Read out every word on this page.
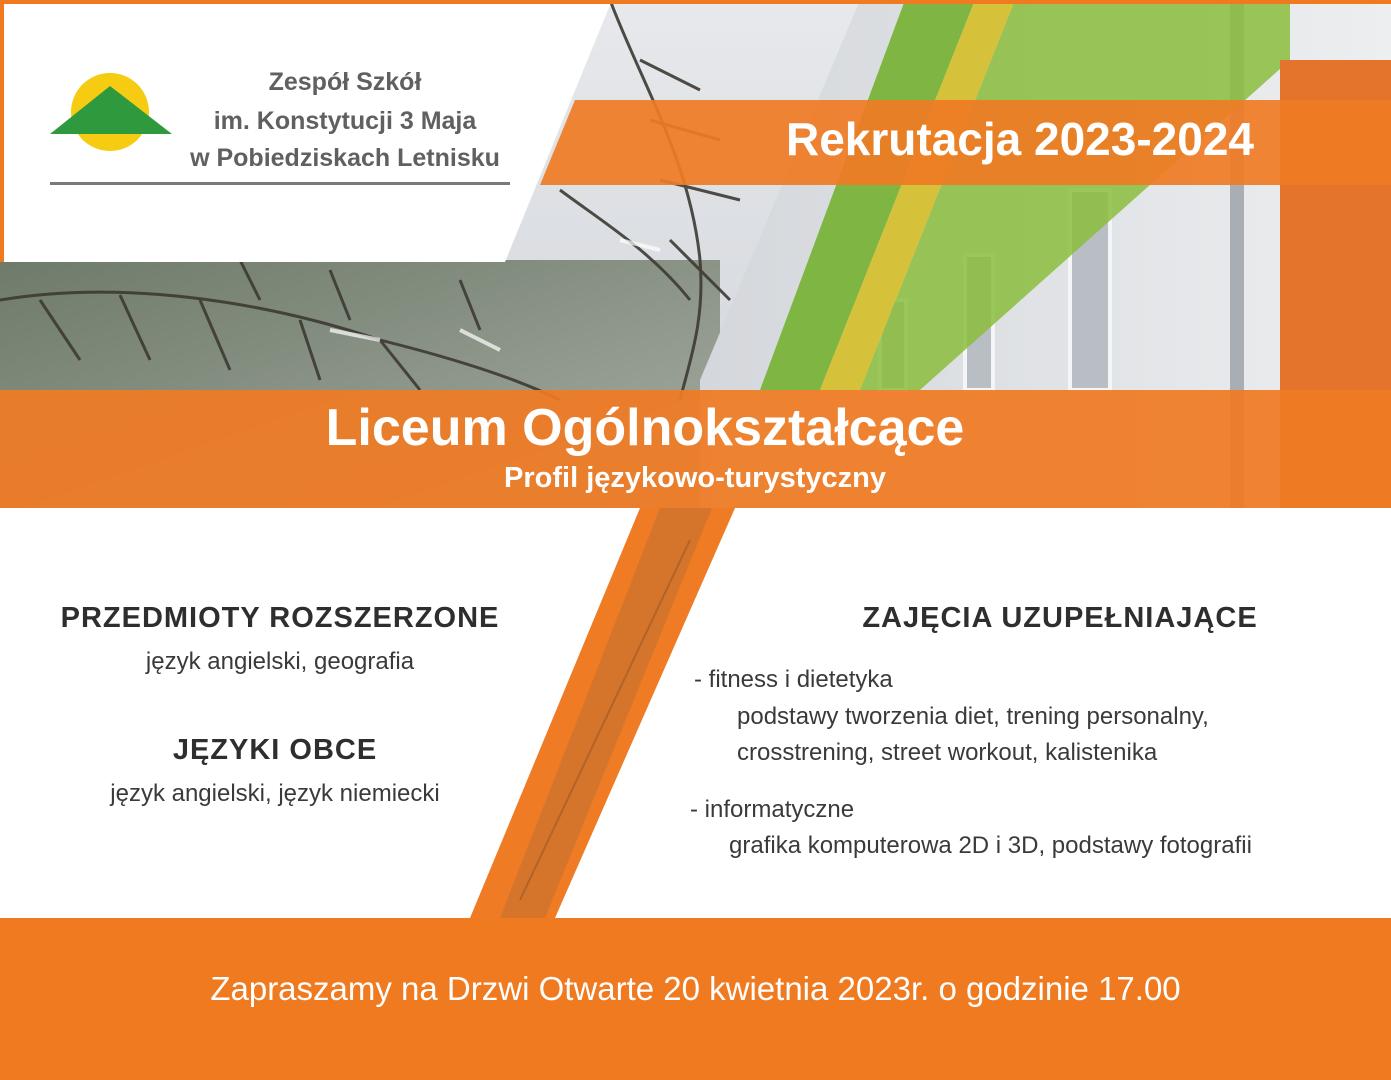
Zespół Szkół
im. Konstytucji 3 Maja
w Pobiedziskach Letnisku	Rekrutacja 2023-2024
Liceum Ogólnokształcące
Profil językowo-turystyczny
PRZEDMIOTY ROZSZERZONE
język angielski, geografia
JĘZYKI OBCE
język angielski, język niemiecki
ZAJĘCIA UZUPEŁNIAJĄCE
- fitness i dietetyka
podstawy tworzenia diet, trening personalny,
crosstrening, street workout, kalistenika
- informatyczne
grafika komputerowa 2D i 3D, podstawy fotografii
Zapraszamy na Drzwi Otwarte 20 kwietnia 2023r. o godzinie 17.00
